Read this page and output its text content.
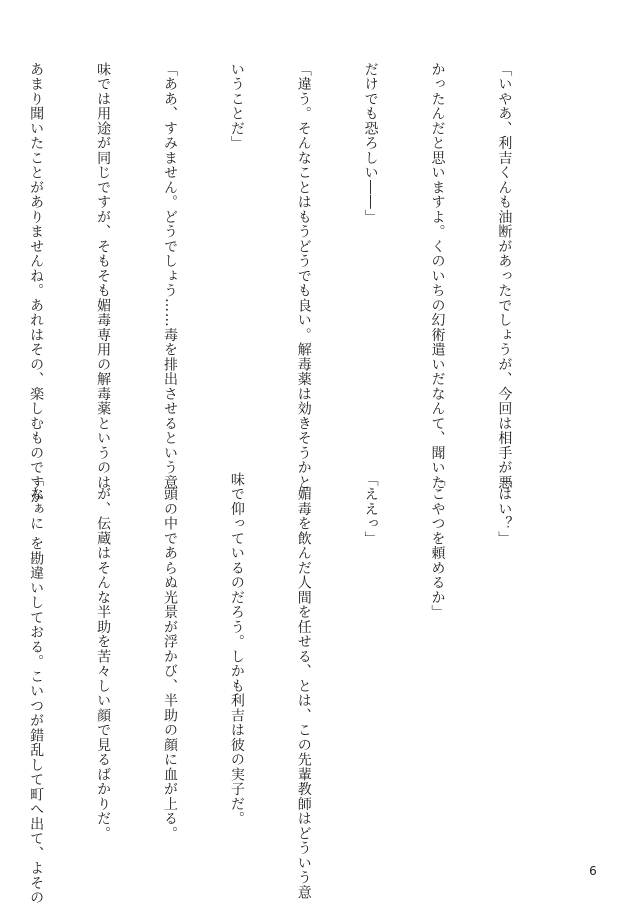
「いやあ、利吉くんも油断があったでしょうが、今回は相手が悪

かったんだと思いますよ。くのいちの幻術遣いだなんて、聞いた

だけでも恐ろしい――」

「違う。そんなことはもうどうでも良い。解毒薬は効きそうかと

いうことだ」

「ああ、すみません。どうでしょう……毒を排出させるという意

味では用途が同じですが、そもそも媚毒専用の解毒薬というのは

あまり聞いたことがありませんね。あれはその、楽しむものですか

「はい？」

「こやつを頼めるか」

「ええっ」

　媚毒を飲んだ人間を任せる、とは、この先輩教師はどういう意

味で仰っているのだろう。しかも利吉は彼の実子だ。

　頭の中であらぬ光景が浮かび、半助の顔に血が上る。

　が、伝蔵はそんな半助を苦々しい顔で見るばかりだ。

「なぁに を勘違いしておる。こいつが錯乱して町へ出て、よその

	6
